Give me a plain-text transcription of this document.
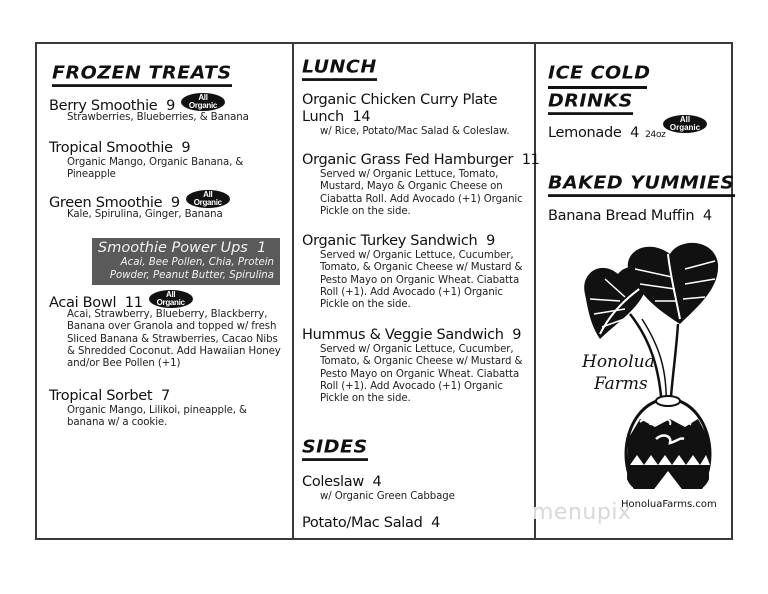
FROZEN TREATS
Berry Smoothie 9
All
Organic
Strawberries, Blueberries, & Banana
Tropical Smoothie 9
Organic Mango, Organic Banana, & Pineapple
Green Smoothie 9
All
Organic
Kale, Spirulina, Ginger, Banana
Smoothie Power Ups 1
Acai, Bee Pollen, Chia, Protein Powder, Peanut Butter, Spirulina
Acai Bowl 11
All
Organic
Acai, Strawberry, Blueberry, Blackberry, Banana over Granola and topped w/ fresh Sliced Banana & Strawberries, Cacao Nibs & Shredded Coconut. Add Hawaiian Honey and/or Bee Pollen (+1)
Tropical Sorbet 7
Organic Mango, Lilikoi, pineapple, & banana w/ a cookie.
LUNCH
Organic Chicken Curry Plate
Lunch 14
w/ Rice, Potato/Mac Salad & Coleslaw.
Organic Grass Fed Hamburger 11
Served w/ Organic Lettuce, Tomato, Mustard, Mayo & Organic Cheese on Ciabatta Roll. Add Avocado (+1) Organic Pickle on the side.
Organic Turkey Sandwich 9
Served w/ Organic Lettuce, Cucumber, Tomato, & Organic Cheese w/ Mustard & Pesto Mayo on Organic Wheat. Ciabatta Roll (+1). Add Avocado (+1) Organic Pickle on the side.
Hummus & Veggie Sandwich 9
Served w/ Organic Lettuce, Cucumber, Tomato, & Organic Cheese w/ Mustard & Pesto Mayo on Organic Wheat. Ciabatta Roll (+1). Add Avocado (+1) Organic Pickle on the side.
SIDES
Coleslaw 4
w/ Organic Green Cabbage
Potato/Mac Salad 4
ICE COLD
DRINKS
Lemonade 4 24oz
All
Organic
BAKED YUMMIES
Banana Bread Muffin 4
Honolua
Farms
HonoluaFarms.com
menupix
